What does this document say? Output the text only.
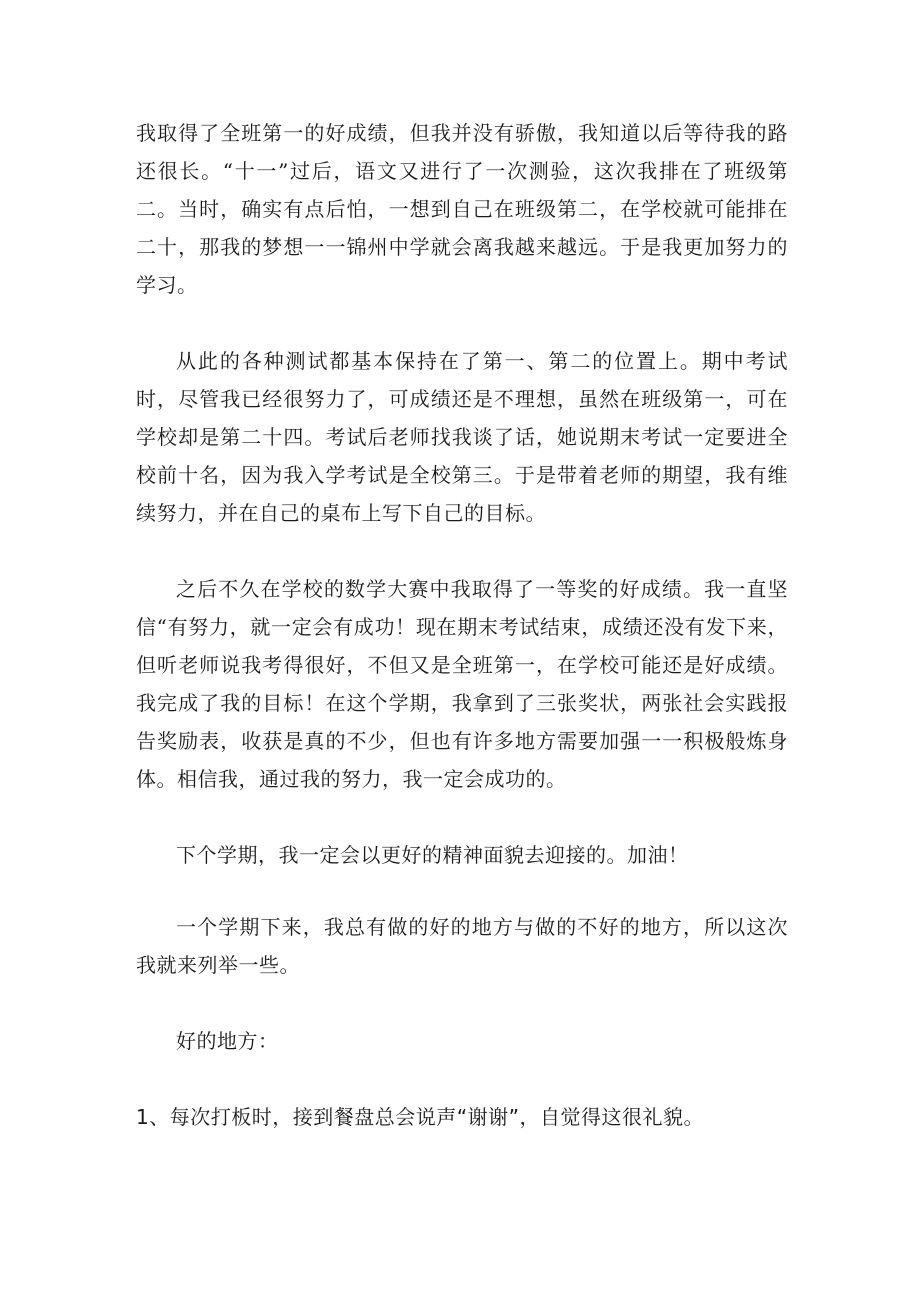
我取得了全班第一的好成绩，但我并没有骄傲，我知道以后等待我的路还很长。“十一”过后，语文又进行了一次测验，这次我排在了班级第二。当时，确实有点后怕，一想到自己在班级第二，在学校就可能排在二十，那我的梦想一一锦州中学就会离我越来越远。于是我更加努力的学习。

从此的各种测试都基本保持在了第一、第二的位置上。期中考试时，尽管我已经很努力了，可成绩还是不理想，虽然在班级第一，可在学校却是第二十四。考试后老师找我谈了话，她说期末考试一定要进全校前十名，因为我入学考试是全校第三。于是带着老师的期望，我有维续努力，并在自己的桌布上写下自己的目标。

之后不久在学校的数学大赛中我取得了一等奖的好成绩。我一直坚信“有努力，就一定会有成功！现在期末考试结束，成绩还没有发下来，但听老师说我考得很好，不但又是全班第一，在学校可能还是好成绩。我完成了我的目标！在这个学期，我拿到了三张奖状，两张社会实践报告奖励表，收获是真的不少，但也有许多地方需要加强一一积极般炼身体。相信我，通过我的努力，我一定会成功的。

下个学期，我一定会以更好的精神面貌去迎接的。加油！

一个学期下来，我总有做的好的地方与做的不好的地方，所以这次我就来列举一些。

好的地方：

1、每次打板时，接到餐盘总会说声“谢谢”，自觉得这很礼貌。
